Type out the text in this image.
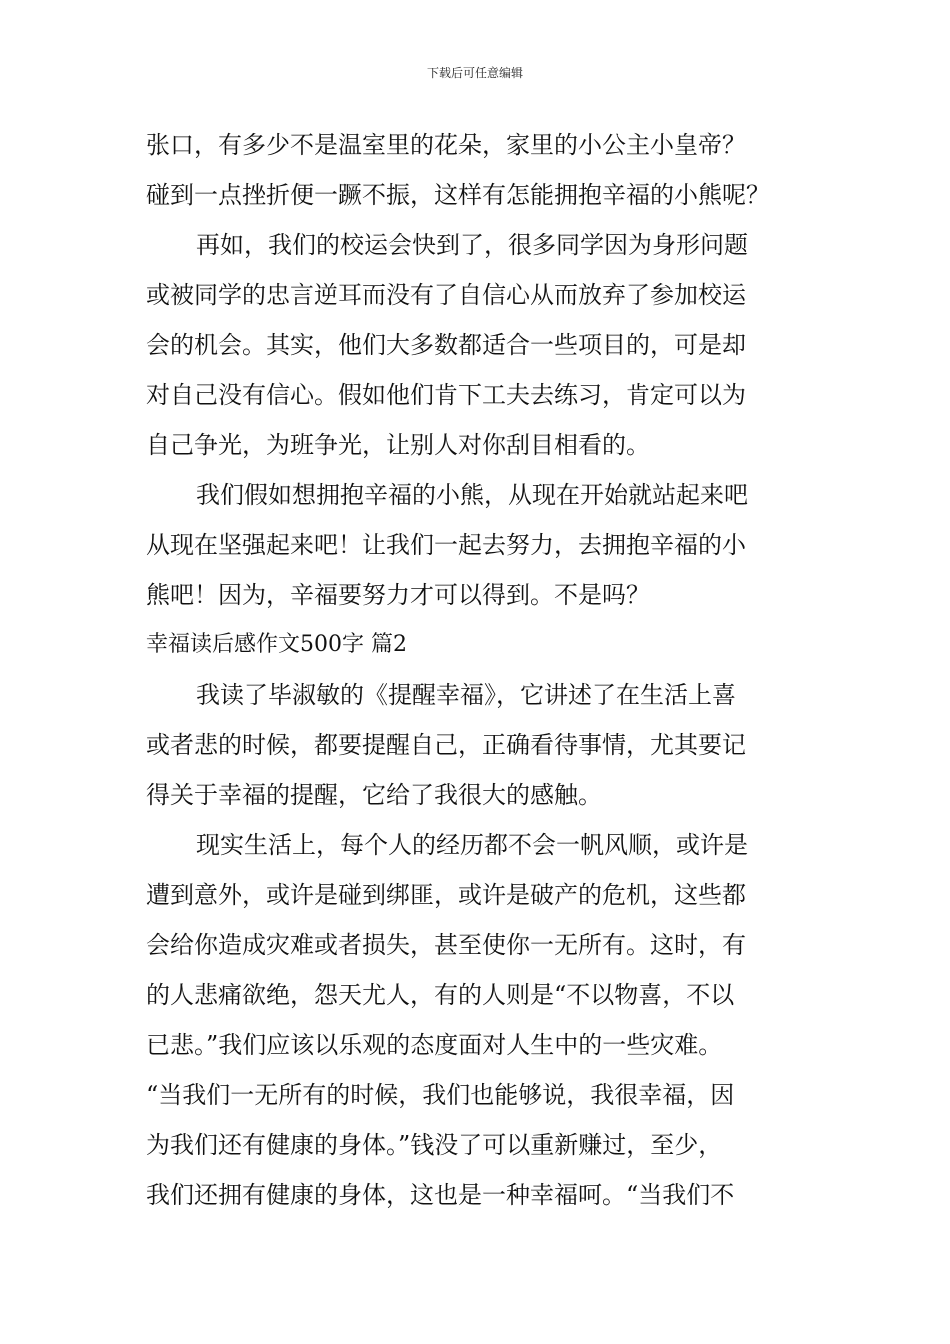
下载后可任意编辑
张口，有多少不是温室里的花朵，家里的小公主小皇帝？
碰到一点挫折便一蹶不振，这样有怎能拥抱辛福的小熊呢？
再如，我们的校运会快到了，很多同学因为身形问题
或被同学的忠言逆耳而没有了自信心从而放弃了参加校运
会的机会。其实，他们大多数都适合一些项目的，可是却
对自己没有信心。假如他们肯下工夫去练习，肯定可以为
自己争光，为班争光，让别人对你刮目相看的。
我们假如想拥抱辛福的小熊，从现在开始就站起来吧
从现在坚强起来吧！让我们一起去努力，去拥抱辛福的小
熊吧！因为，辛福要努力才可以得到。不是吗？
幸福读后感作文500字 篇2
我读了毕淑敏的《提醒幸福》，它讲述了在生活上喜
或者悲的时候，都要提醒自己，正确看待事情，尤其要记
得关于幸福的提醒，它给了我很大的感触。
现实生活上，每个人的经历都不会一帆风顺，或许是
遭到意外，或许是碰到绑匪，或许是破产的危机，这些都
会给你造成灾难或者损失，甚至使你一无所有。这时，有
的人悲痛欲绝，怨天尤人，有的人则是“不以物喜，不以
已悲。”我们应该以乐观的态度面对人生中的一些灾难。
“当我们一无所有的时候，我们也能够说，我很幸福，因
为我们还有健康的身体。”钱没了可以重新赚过，至少，
我们还拥有健康的身体，这也是一种幸福呵。“当我们不
